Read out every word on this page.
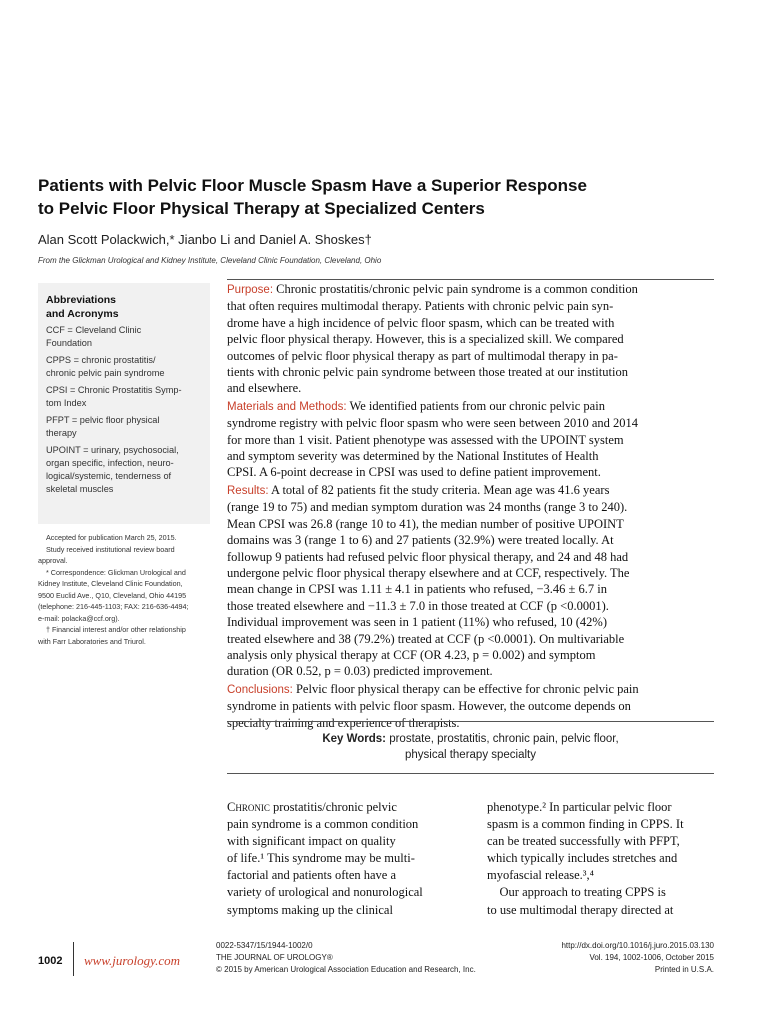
Patients with Pelvic Floor Muscle Spasm Have a Superior Response
to Pelvic Floor Physical Therapy at Specialized Centers
Alan Scott Polackwich,* Jianbo Li and Daniel A. Shoskes†
From the Glickman Urological and Kidney Institute, Cleveland Clinic Foundation, Cleveland, Ohio
Abbreviations
and Acronyms
CCF = Cleveland Clinic
Foundation
CPPS = chronic prostatitis/
chronic pelvic pain syndrome
CPSI = Chronic Prostatitis Symp-
tom Index
PFPT = pelvic floor physical
therapy
UPOINT = urinary, psychosocial,
organ specific, infection, neuro-
logical/systemic, tenderness of
skeletal muscles
Accepted for publication March 25, 2015.
Study received institutional review board
approval.
* Correspondence: Glickman Urological and
Kidney Institute, Cleveland Clinic Foundation,
9500 Euclid Ave., Q10, Cleveland, Ohio 44195
(telephone: 216-445-1103; FAX: 216-636-4494;
e-mail: polacka@ccf.org).
† Financial interest and/or other relationship
with Farr Laboratories and Triurol.
Purpose: Chronic prostatitis/chronic pelvic pain syndrome is a common condition
that often requires multimodal therapy. Patients with chronic pelvic pain syn-
drome have a high incidence of pelvic floor spasm, which can be treated with
pelvic floor physical therapy. However, this is a specialized skill. We compared
outcomes of pelvic floor physical therapy as part of multimodal therapy in pa-
tients with chronic pelvic pain syndrome between those treated at our institution
and elsewhere.
Materials and Methods: We identified patients from our chronic pelvic pain
syndrome registry with pelvic floor spasm who were seen between 2010 and 2014
for more than 1 visit. Patient phenotype was assessed with the UPOINT system
and symptom severity was determined by the National Institutes of Health
CPSI. A 6-point decrease in CPSI was used to define patient improvement.
Results: A total of 82 patients fit the study criteria. Mean age was 41.6 years
(range 19 to 75) and median symptom duration was 24 months (range 3 to 240).
Mean CPSI was 26.8 (range 10 to 41), the median number of positive UPOINT
domains was 3 (range 1 to 6) and 27 patients (32.9%) were treated locally. At
followup 9 patients had refused pelvic floor physical therapy, and 24 and 48 had
undergone pelvic floor physical therapy elsewhere and at CCF, respectively. The
mean change in CPSI was 1.11 ± 4.1 in patients who refused, −3.46 ± 6.7 in
those treated elsewhere and −11.3 ± 7.0 in those treated at CCF (p <0.0001).
Individual improvement was seen in 1 patient (11%) who refused, 10 (42%)
treated elsewhere and 38 (79.2%) treated at CCF (p <0.0001). On multivariable
analysis only physical therapy at CCF (OR 4.23, p = 0.002) and symptom
duration (OR 0.52, p = 0.03) predicted improvement.
Conclusions: Pelvic floor physical therapy can be effective for chronic pelvic pain
syndrome in patients with pelvic floor spasm. However, the outcome depends on
specialty training and experience of therapists.
Key Words: prostate, prostatitis, chronic pain, pelvic floor,
physical therapy specialty
Chronic prostatitis/chronic pelvic
pain syndrome is a common condition
with significant impact on quality
of life.¹ This syndrome may be multi-
factorial and patients often have a
variety of urological and nonurological
symptoms making up the clinical
phenotype.² In particular pelvic floor
spasm is a common finding in CPPS. It
can be treated successfully with PFPT,
which typically includes stretches and
myofascial release.³,⁴
Our approach to treating CPPS is
to use multimodal therapy directed at
1002 www.jurology.com
0022-5347/15/1944-1002/0
THE JOURNAL OF UROLOGY®
© 2015 by American Urological Association Education and Research, Inc.
http://dx.doi.org/10.1016/j.juro.2015.03.130
Vol. 194, 1002-1006, October 2015
Printed in U.S.A.
